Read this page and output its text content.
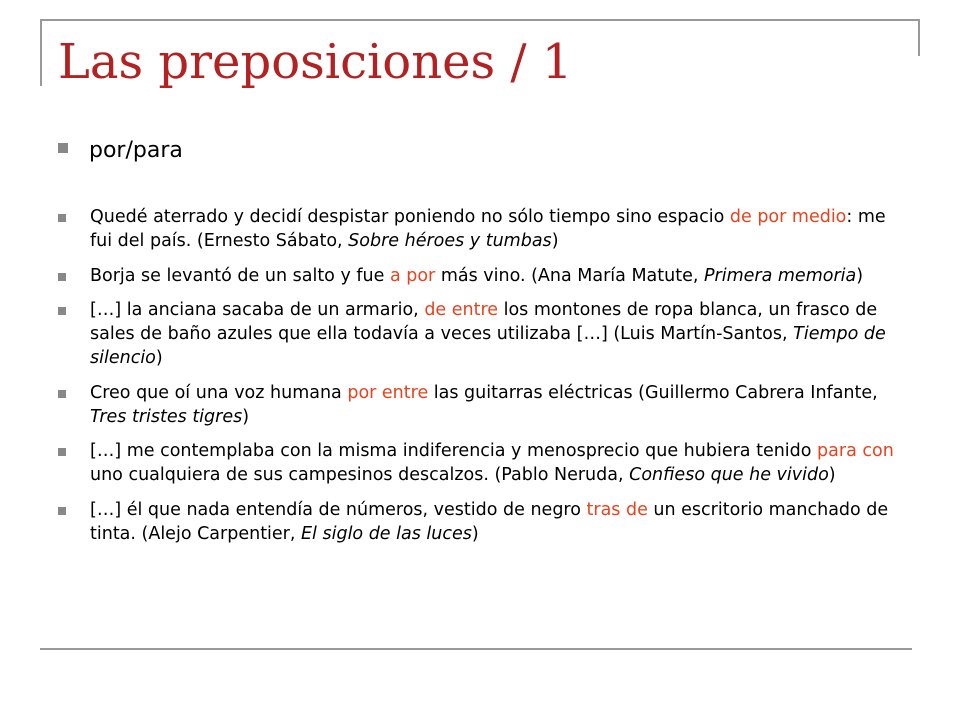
Las preposiciones / 1
por/para
Quedé aterrado y decidí despistar poniendo no sólo tiempo sino espacio de por medio: me fui del país. (Ernesto Sábato, Sobre héroes y tumbas)
Borja se levantó de un salto y fue a por más vino. (Ana María Matute, Primera memoria)
[…] la anciana sacaba de un armario, de entre los montones de ropa blanca, un frasco de sales de baño azules que ella todavía a veces utilizaba […] (Luis Martín-Santos, Tiempo de silencio)
Creo que oí una voz humana por entre las guitarras eléctricas (Guillermo Cabrera Infante, Tres tristes tigres)
[…] me contemplaba con la misma indiferencia y menosprecio que hubiera tenido para con uno cualquiera de sus campesinos descalzos. (Pablo Neruda, Confieso que he vivido)
[…] él que nada entendía de números, vestido de negro tras de un escritorio manchado de tinta. (Alejo Carpentier, El siglo de las luces)
